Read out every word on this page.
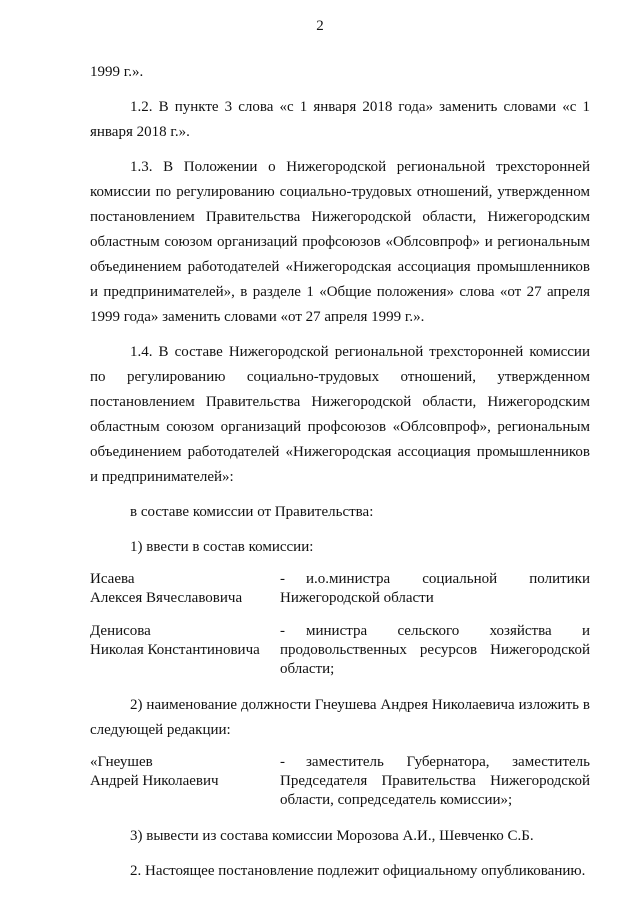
2

1999 г.».

1.2. В пункте 3 слова «с 1 января 2018 года» заменить словами «с 1 января 2018 г.».

1.3. В Положении о Нижегородской региональной трехсторонней комиссии по регулированию социально-трудовых отношений, утвержденном постановлением Правительства Нижегородской области, Нижегородским областным союзом организаций профсоюзов «Облсовпроф» и региональным объединением работодателей «Нижегородская ассоциация промышленников и предпринимателей», в разделе 1 «Общие положения» слова «от 27 апреля 1999 года» заменить словами «от 27 апреля 1999 г.».

1.4. В составе Нижегородской региональной трехсторонней комиссии по регулированию социально-трудовых отношений, утвержденном постановлением Правительства Нижегородской области, Нижегородским областным союзом организаций профсоюзов «Облсовпроф», региональным объединением работодателей «Нижегородская ассоциация промышленников и предпринимателей»:

в составе комиссии от Правительства:

1) ввести в состав комиссии:

Исаева
Алексея Вячеславовича
- и.о.министра социальной политики Нижегородской области
Денисова
Николая Константиновича
- министра сельского хозяйства и продовольственных ресурсов Нижегородской области;

2) наименование должности Гнеушева Андрея Николаевича изложить в следующей редакции:

«Гнеушев
Андрей Николаевич
- заместитель Губернатора, заместитель Председателя Правительства Нижегородской области, сопредседатель комиссии»;

3) вывести из состава комиссии Морозова А.И., Шевченко С.Б.

2. Настоящее постановление подлежит официальному опубликованию.
